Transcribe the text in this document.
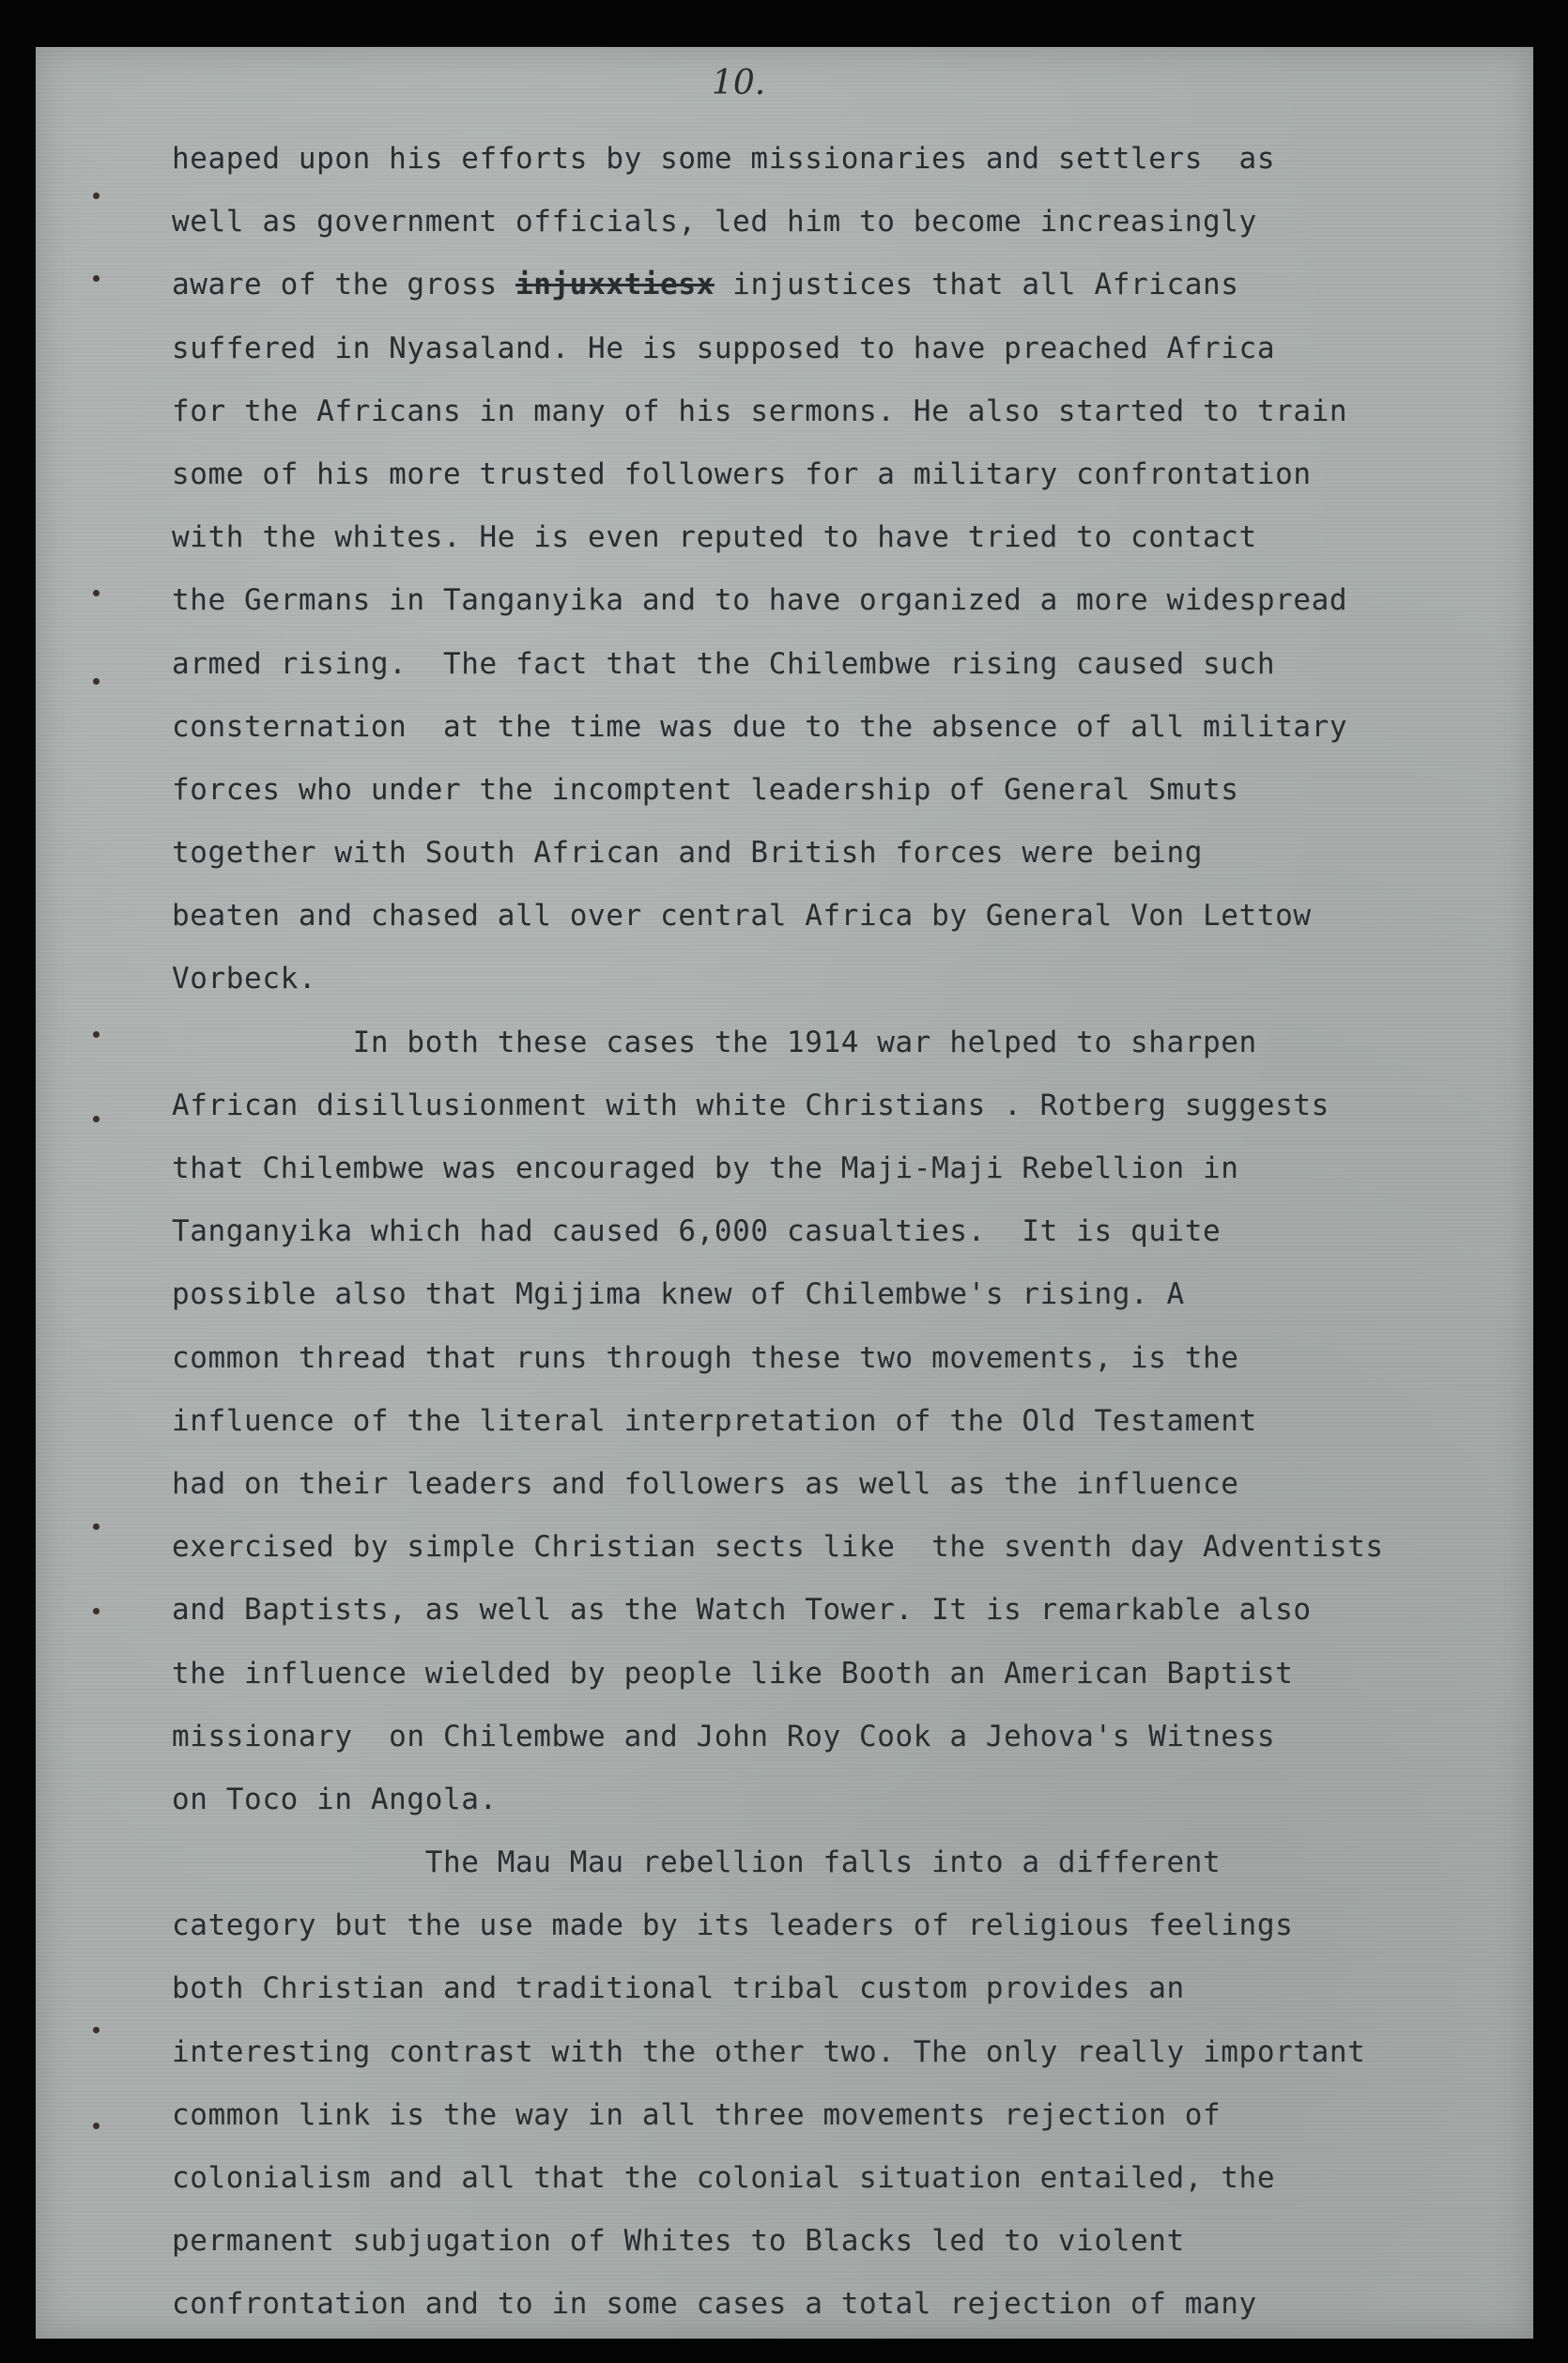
10.
heaped upon his efforts by some missionaries and settlers  as
well as government officials, led him to become increasingly
aware of the gross injuxxtiesx injustices that all Africans
suffered in Nyasaland. He is supposed to have preached Africa
for the Africans in many of his sermons. He also started to train
some of his more trusted followers for a military confrontation
with the whites. He is even reputed to have tried to contact
the Germans in Tanganyika and to have organized a more widespread
armed rising.  The fact that the Chilembwe rising caused such
consternation  at the time was due to the absence of all military
forces who under the incomptent leadership of General Smuts
together with South African and British forces were being
beaten and chased all over central Africa by General Von Lettow
Vorbeck.
In both these cases the 1914 war helped to sharpen
African disillusionment with white Christians . Rotberg suggests
that Chilembwe was encouraged by the Maji-Maji Rebellion in
Tanganyika which had caused 6,000 casualties.  It is quite
possible also that Mgijima knew of Chilembwe's rising. A
common thread that runs through these two movements, is the
influence of the literal interpretation of the Old Testament
had on their leaders and followers as well as the influence
exercised by simple Christian sects like  the sventh day Adventists
and Baptists, as well as the Watch Tower. It is remarkable also
the influence wielded by people like Booth an American Baptist
missionary  on Chilembwe and John Roy Cook a Jehova's Witness
on Toco in Angola.
The Mau Mau rebellion falls into a different
category but the use made by its leaders of religious feelings
both Christian and traditional tribal custom provides an
interesting contrast with the other two. The only really important
common link is the way in all three movements rejection of
colonialism and all that the colonial situation entailed, the
permanent subjugation of Whites to Blacks led to violent
confrontation and to in some cases a total rejection of many
